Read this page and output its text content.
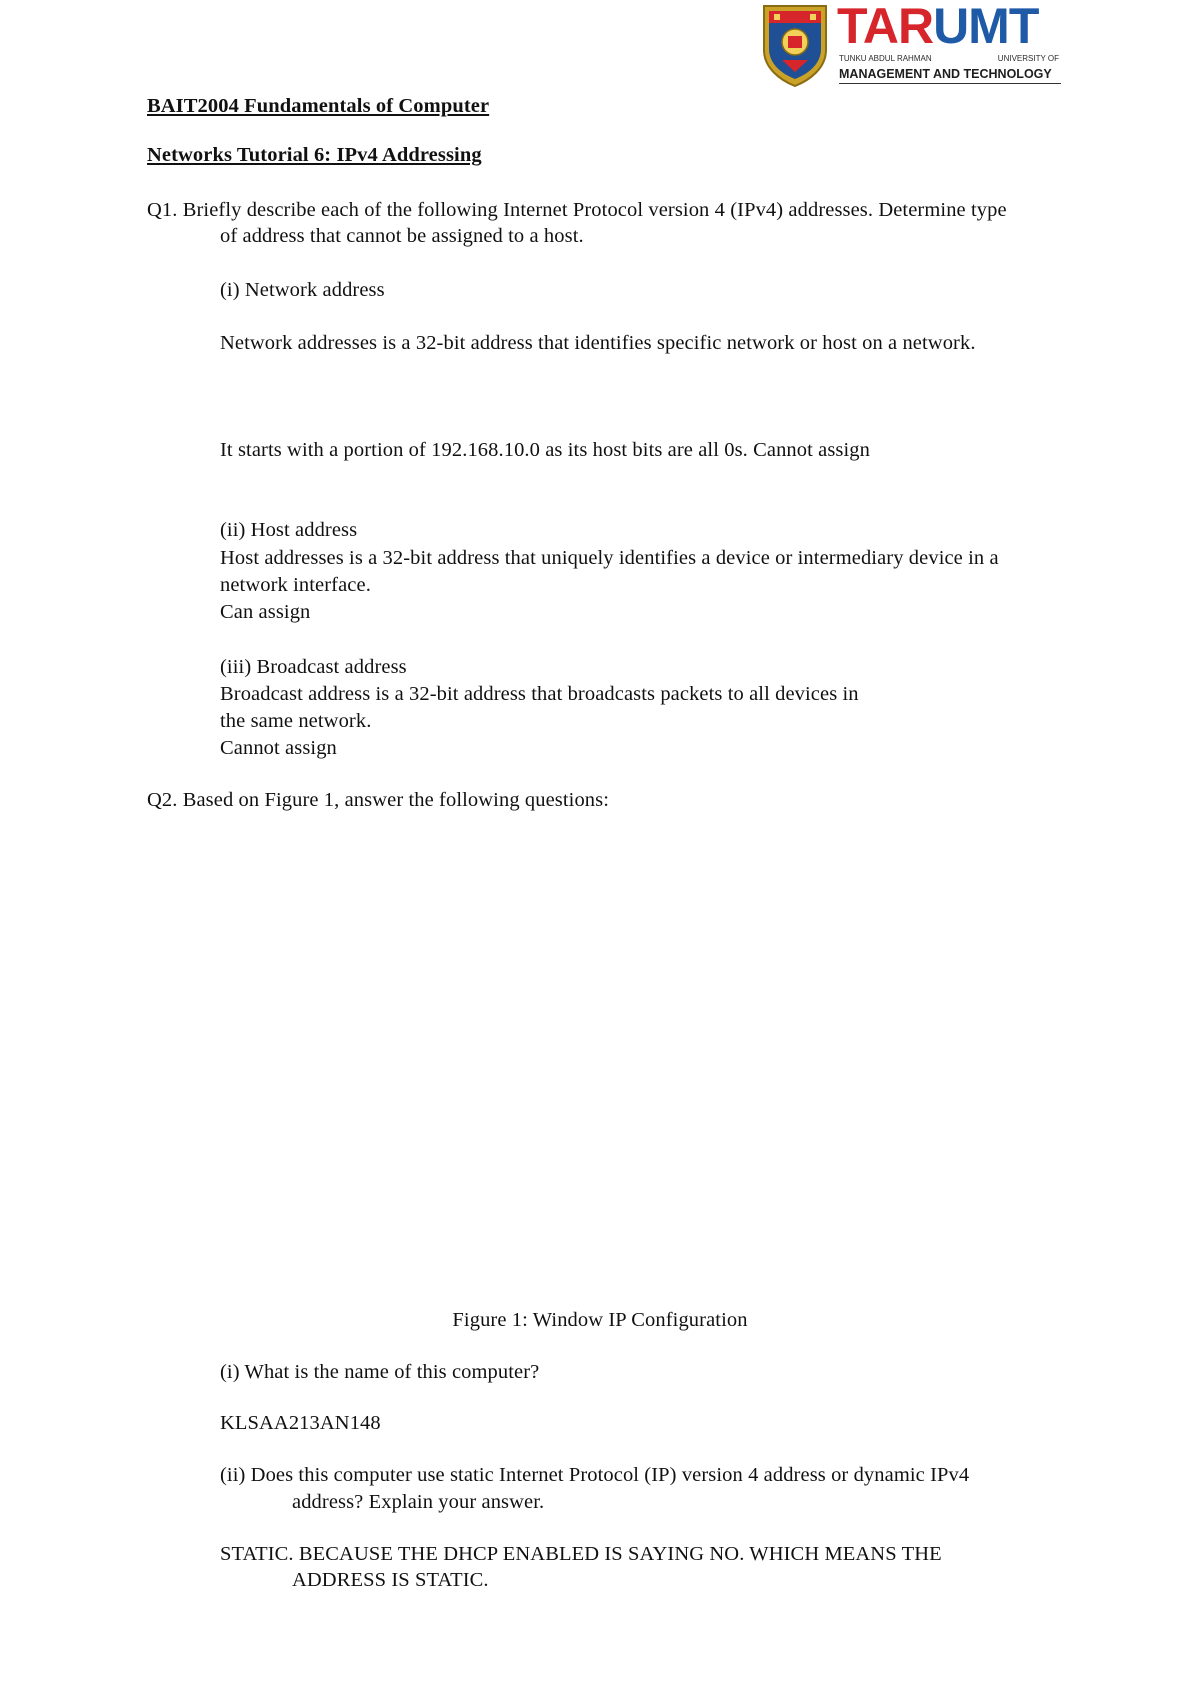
TARUMT
TUNKU ABDUL RAHMAN	UNIVERSITY OF
MANAGEMENT AND TECHNOLOGY
BAIT2004 Fundamentals of Computer
Networks Tutorial 6: IPv4 Addressing
Q1. Briefly describe each of the following Internet Protocol version 4 (IPv4) addresses. Determine type
of address that cannot be assigned to a host.
(i) Network address
Network addresses is a 32-bit address that identifies specific network or host on a network.
It starts with a portion of 192.168.10.0 as its host bits are all 0s. Cannot assign
(ii) Host address
Host addresses is a 32-bit address that uniquely identifies a device or intermediary device in a
network interface.
Can assign
(iii) Broadcast address
Broadcast address is a 32-bit address that broadcasts packets to all devices in
the same network.
Cannot assign
Q2. Based on Figure 1, answer the following questions:
Figure 1: Window IP Configuration
(i) What is the name of this computer?
KLSAA213AN148
(ii) Does this computer use static Internet Protocol (IP) version 4 address or dynamic IPv4
address? Explain your answer.
STATIC. BECAUSE THE DHCP ENABLED IS SAYING NO. WHICH MEANS THE
ADDRESS IS STATIC.
